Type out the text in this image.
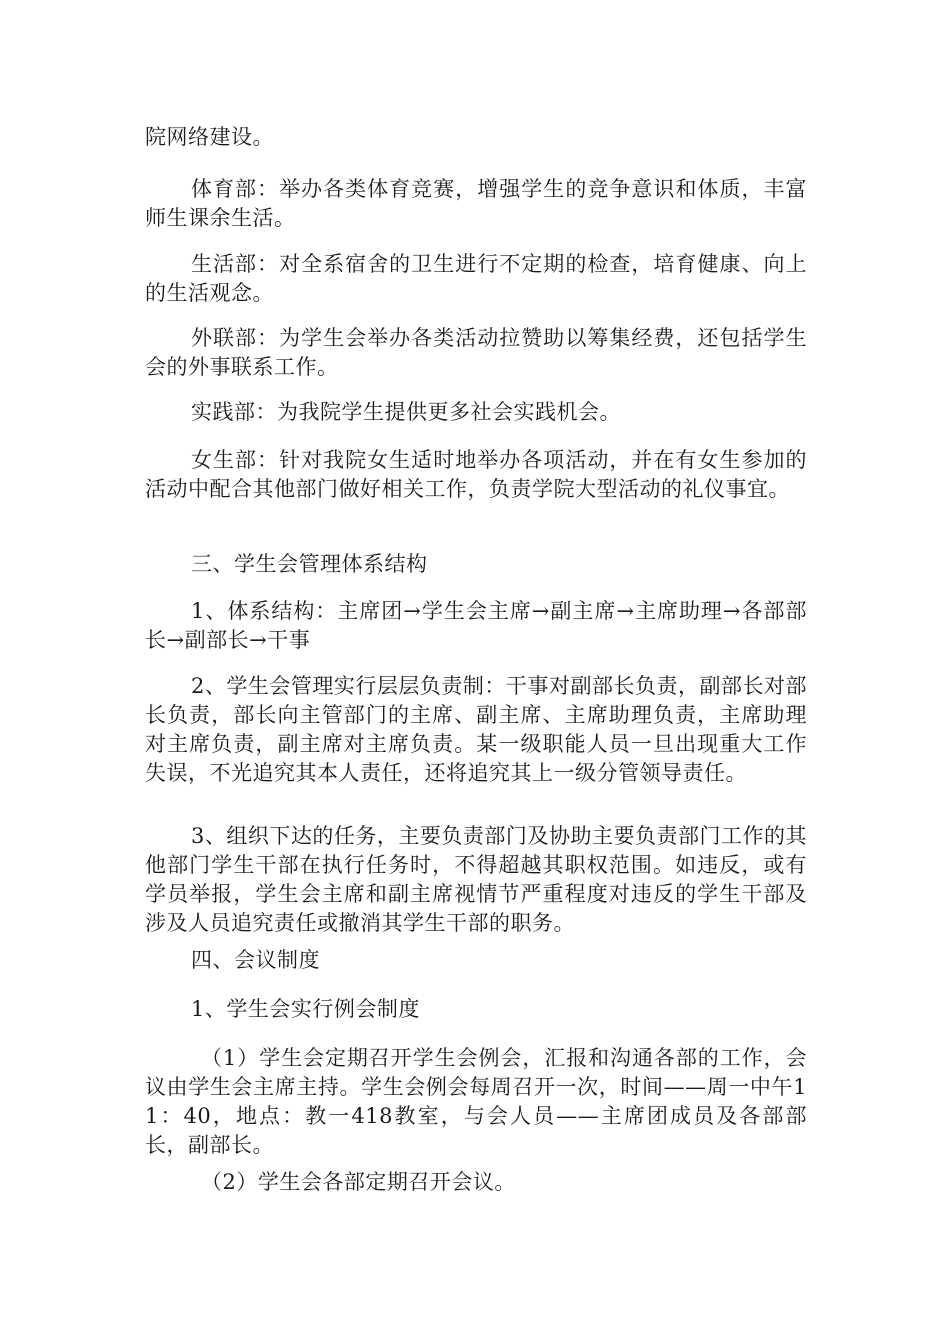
院网络建设。

体育部：举办各类体育竞赛，增强学生的竞争意识和体质，丰富师生课余生活。

生活部：对全系宿舍的卫生进行不定期的检查，培育健康、向上的生活观念。

外联部：为学生会举办各类活动拉赞助以筹集经费，还包括学生会的外事联系工作。

实践部：为我院学生提供更多社会实践机会。

女生部：针对我院女生适时地举办各项活动，并在有女生参加的活动中配合其他部门做好相关工作，负责学院大型活动的礼仪事宜。

三、学生会管理体系结构

1、体系结构：主席团→学生会主席→副主席→主席助理→各部部长→副部长→干事

2、学生会管理实行层层负责制：干事对副部长负责，副部长对部长负责，部长向主管部门的主席、副主席、主席助理负责，主席助理对主席负责，副主席对主席负责。某一级职能人员一旦出现重大工作失误，不光追究其本人责任，还将追究其上一级分管领导责任。

3、组织下达的任务，主要负责部门及协助主要负责部门工作的其他部门学生干部在执行任务时，不得超越其职权范围。如违反，或有学员举报，学生会主席和副主席视情节严重程度对违反的学生干部及涉及人员追究责任或撤消其学生干部的职务。

四、会议制度

1、学生会实行例会制度

（1）学生会定期召开学生会例会，汇报和沟通各部的工作，会议由学生会主席主持。学生会例会每周召开一次，时间——周一中午11：40，地点：教一418教室，与会人员——主席团成员及各部部长，副部长。

（2）学生会各部定期召开会议。
